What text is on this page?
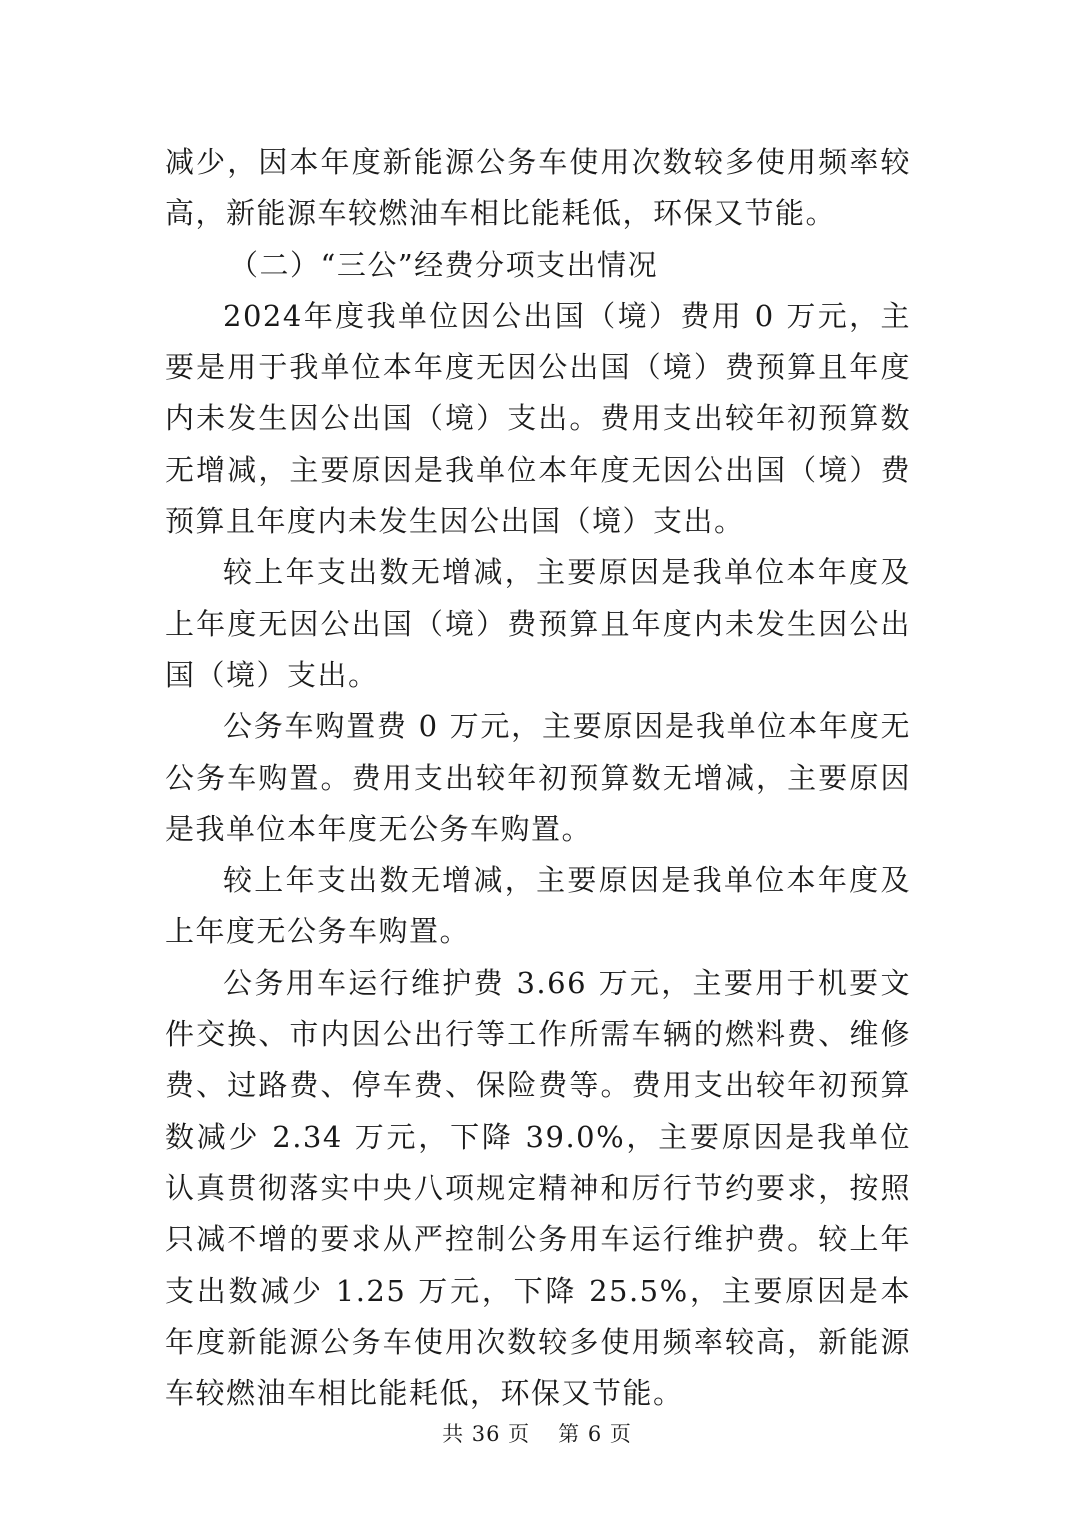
减少，因本年度新能源公务车使用次数较多使用频率较高，新能源车较燃油车相比能耗低，环保又节能。

（二）“三公”经费分项支出情况

2024年度我单位因公出国（境）费用 0 万元，主要是用于我单位本年度无因公出国（境）费预算且年度内未发生因公出国（境）支出。费用支出较年初预算数无增减，主要原因是我单位本年度无因公出国（境）费预算且年度内未发生因公出国（境）支出。

较上年支出数无增减，主要原因是我单位本年度及上年度无因公出国（境）费预算且年度内未发生因公出国（境）支出。

公务车购置费 0 万元，主要原因是我单位本年度无公务车购置。费用支出较年初预算数无增减，主要原因是我单位本年度无公务车购置。

较上年支出数无增减，主要原因是我单位本年度及上年度无公务车购置。

公务用车运行维护费 3.66 万元，主要用于机要文件交换、市内因公出行等工作所需车辆的燃料费、维修费、过路费、停车费、保险费等。费用支出较年初预算数减少 2.34 万元，下降 39.0%，主要原因是我单位认真贯彻落实中央八项规定精神和厉行节约要求，按照只减不增的要求从严控制公务用车运行维护费。较上年支出数减少 1.25 万元，下降 25.5%，主要原因是本年度新能源公务车使用次数较多使用频率较高，新能源车较燃油车相比能耗低，环保又节能。

共 36 页 第 6 页
